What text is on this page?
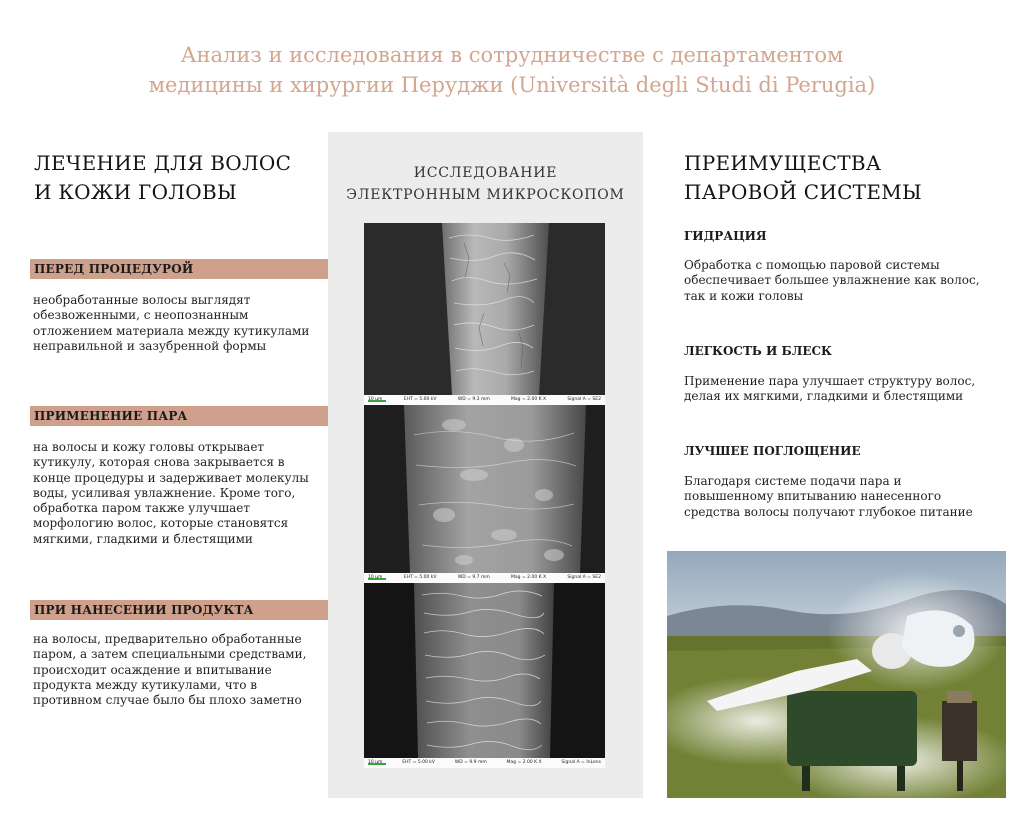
Анализ и исследования в сотрудничестве с департаментом
медицины и хирургии Перуджи (Università degli Studi di Perugia)
ЛЕЧЕНИЕ ДЛЯ ВОЛОС
И КОЖИ ГОЛОВЫ
ПЕРЕД ПРОЦЕДУРОЙ
необработанные волосы выглядят обезвоженными, с неопознанным отложением материала между кутикулами неправильной и зазубренной формы
ПРИМЕНЕНИЕ ПАРА
на волосы и кожу головы открывает кутикулу, которая снова закрывается в конце процедуры и задерживает молекулы воды, усиливая увлажнение. Кроме того, обработка паром также улучшает морфологию волос, которые становятся мягкими, гладкими и блестящими
ПРИ НАНЕСЕНИИ ПРОДУКТА
на волосы, предварительно обработанные паром, а затем специальными средствами, происходит осаждение и впитывание продукта между кутикулами, что в противном случае было бы плохо заметно
ИССЛЕДОВАНИЕ
ЭЛЕКТРОННЫМ МИКРОСКОПОМ
EHT = 5.00 kV	WD = 9.3 mm	Mag = 2.00 K X	Signal A = SE2
EHT = 5.00 kV	WD = 9.7 mm	Mag = 2.00 K X	Signal A = SE2
EHT = 5.00 kV	WD = 9.9 mm	Mag = 2.00 K X	Signal A = InLens
ПРЕИМУЩЕСТВА
ПАРОВОЙ СИСТЕМЫ
ГИДРАЦИЯ
Обработка с помощью паровой системы обеспечивает большее увлажнение как волос, так и кожи головы
ЛЕГКОСТЬ И БЛЕСК
Применение пара улучшает структуру волос, делая их мягкими, гладкими и блестящими
ЛУЧШЕЕ ПОГЛОЩЕНИЕ
Благодаря системе подачи пара и повышенному впитыванию нанесенного средства волосы получают глубокое питание
